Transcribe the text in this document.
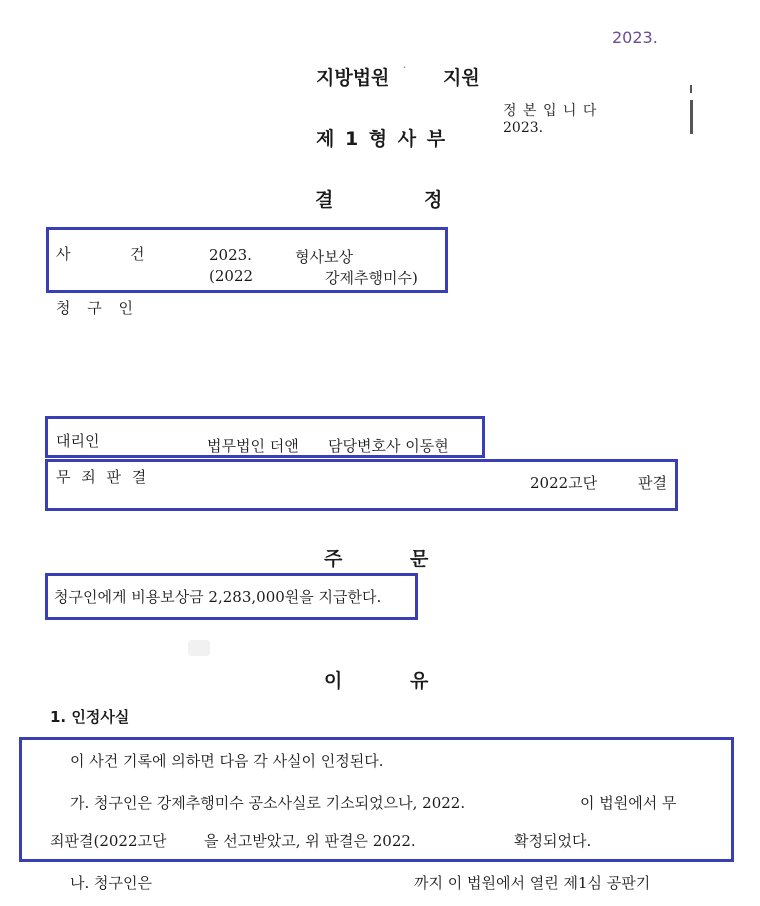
2023.
지방법원 · 지원
정 본 입 니 다
2023.
제 1 형 사 부
결	정
사	건	2023.	형사보상
(2022	강제추행미수)
청 구 인
대리인	법무법인 더앤 담당변호사 이동현
무 죄 판 결	2022고단	판결
주	문
청구인에게 비용보상금 2,283,000원을 지급한다.
이	유
1. 인정사실
이 사건 기록에 의하면 다음 각 사실이 인정된다.
가. 청구인은 강제추행미수 공소사실로 기소되었으나, 2022.	이 법원에서 무
죄판결(2022고단	을 선고받았고, 위 판결은 2022.	확정되었다.
나. 청구인은	까지 이 법원에서 열린 제1심 공판기
